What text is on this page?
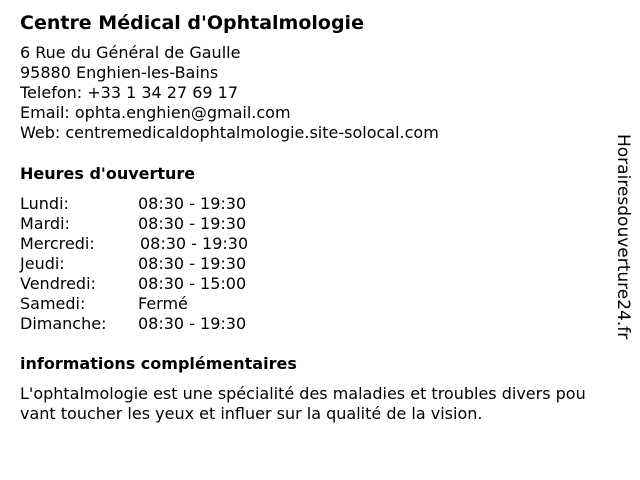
Centre Médical d'Ophtalmologie
6 Rue du Général de Gaulle
95880 Enghien-les-Bains
Telefon: +33 1 34 27 69 17
Email: ophta.enghien@gmail.com
Web: centremedicaldophtalmologie.site-solocal.com
Heures d'ouverture
Lundi:	08:30 - 19:30
Mardi:	08:30 - 19:30
Mercredi:	08:30 - 19:30
Jeudi:	08:30 - 19:30
Vendredi:	08:30 - 15:00
Samedi:	Fermé
Dimanche: 08:30 - 19:30
informations complémentaires
L'ophtalmologie est une spécialité des maladies et troubles divers pouvant toucher les yeux et influer sur la qualité de la vision.
Horairesdouverture24.fr
